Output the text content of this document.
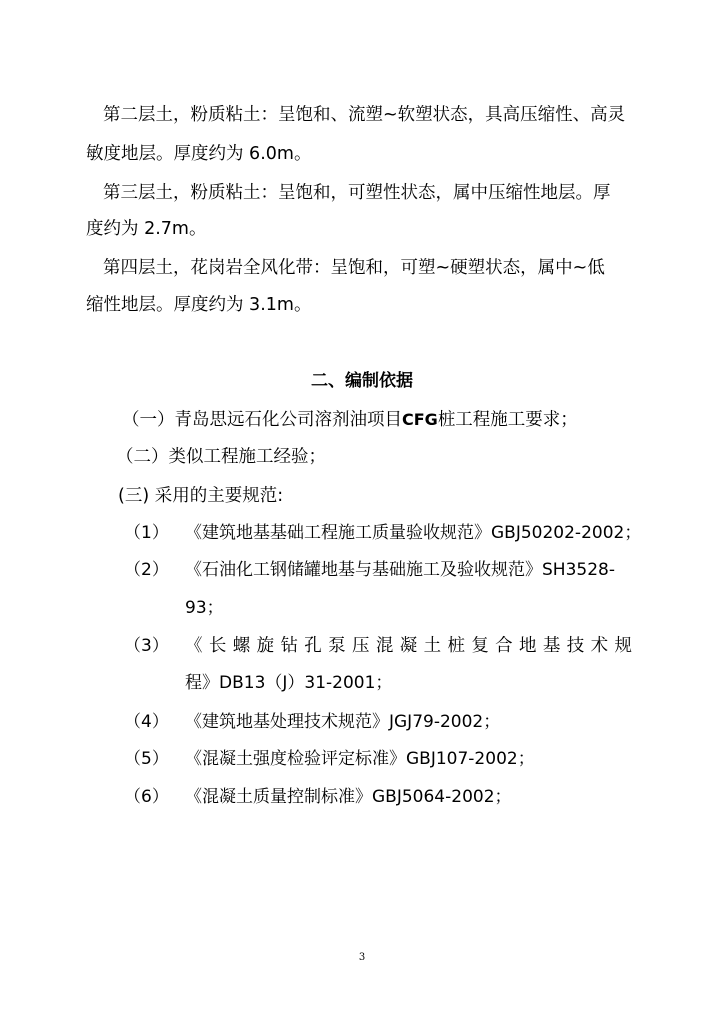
第二层土，粉质粘土：呈饱和、流塑~软塑状态，具高压缩性、高灵
敏度地层。厚度约为 6.0m。
第三层土，粉质粘土：呈饱和，可塑性状态，属中压缩性地层。厚
度约为 2.7m。
第四层土，花岗岩全风化带：呈饱和，可塑~硬塑状态，属中~低
缩性地层。厚度约为 3.1m。
二、编制依据
（一）青岛思远石化公司溶剂油项目CFG桩工程施工要求；
（二）类似工程施工经验；
(三) 采用的主要规范:
（1） 《建筑地基基础工程施工质量验收规范》GBJ50202-2002；
（2） 《石油化工钢储罐地基与基础施工及验收规范》SH3528-
93；
（3） 《 长 螺 旋 钻 孔 泵 压 混 凝 土 桩 复 合 地 基 技 术 规
程》DB13（J）31-2001；
（4） 《建筑地基处理技术规范》JGJ79-2002；
（5） 《混凝土强度检验评定标准》GBJ107-2002；
（6） 《混凝土质量控制标准》GBJ5064-2002；
3
